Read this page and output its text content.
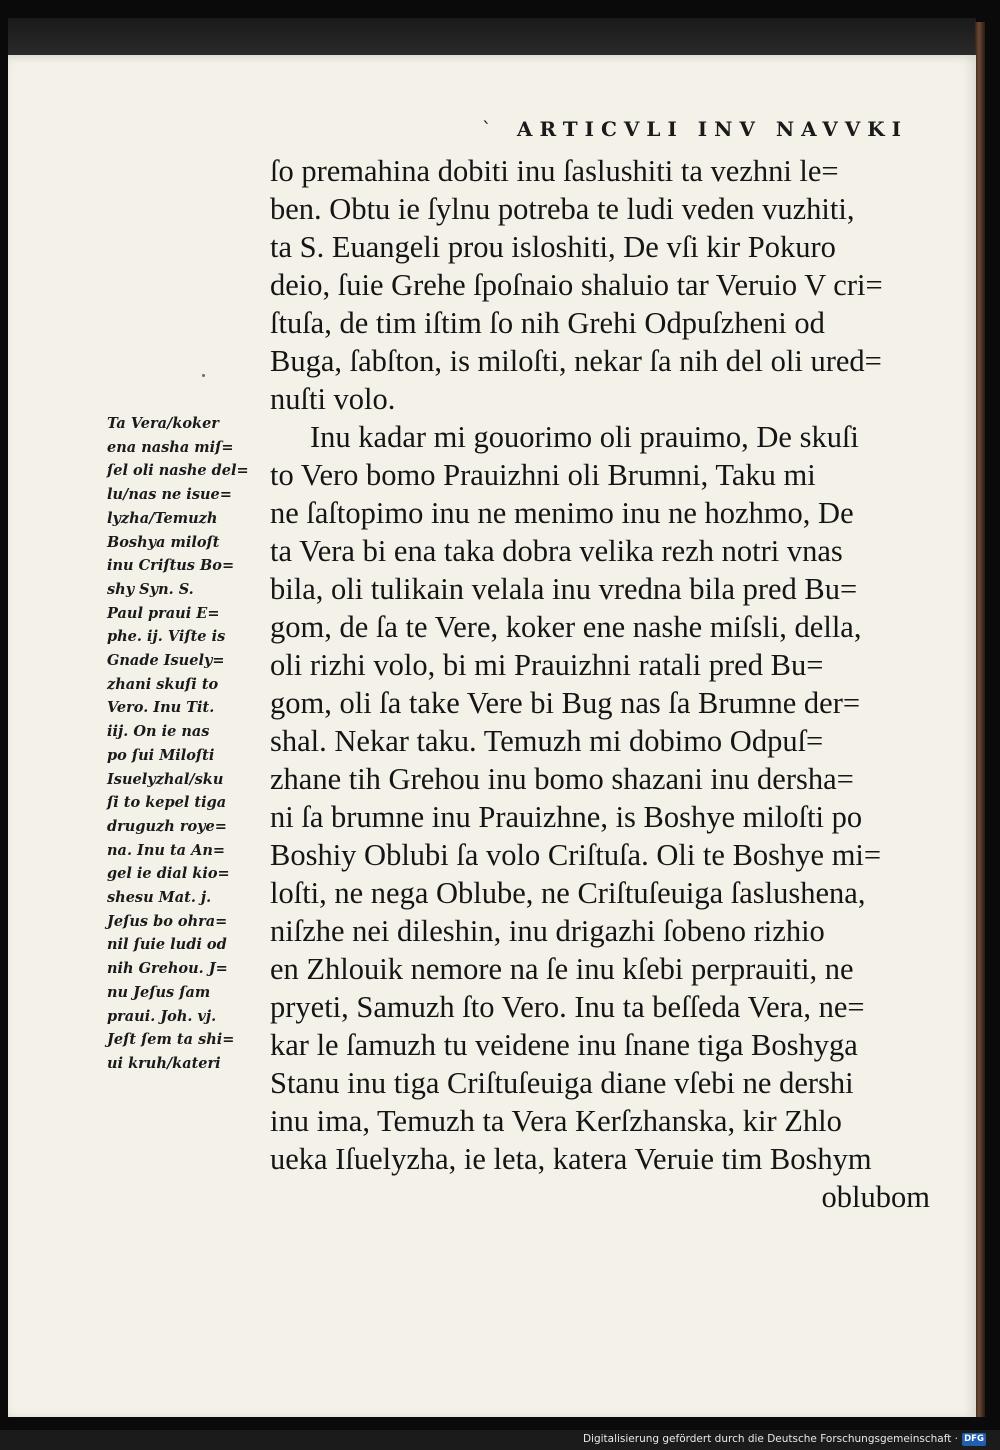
` ARTICVLI INV NAVVKI
ſo premahina dobiti inu ſaslushiti ta vezhni le=
ben. Obtu ie ſylnu potreba te ludi veden vuzhiti,
ta S. Euangeli prou isloshiti, De vſi kir Pokuro
deio, ſuie Grehe ſpoſnaio shaluio tar Veruio V cri=
ſtuſa, de tim iſtim ſo nih Grehi Odpuſzheni od
Buga, ſabſton, is miloſti, nekar ſa nih del oli ured=
nuſti volo.
Inu kadar mi gouorimo oli prauimo, De skuſi
to Vero bomo Prauizhni oli Brumni, Taku mi
ne ſaſtopimo inu ne menimo inu ne hozhmo, De
ta Vera bi ena taka dobra velika rezh notri vnas
bila, oli tulikain velala inu vredna bila pred Bu=
gom, de ſa te Vere, koker ene nashe miſsli, della,
oli rizhi volo, bi mi Prauizhni ratali pred Bu=
gom, oli ſa take Vere bi Bug nas ſa Brumne der=
shal. Nekar taku. Temuzh mi dobimo Odpuſ=
zhane tih Grehou inu bomo shazani inu dersha=
ni ſa brumne inu Prauizhne, is Boshye miloſti po
Boshiy Oblubi ſa volo Criſtuſa. Oli te Boshye mi=
loſti, ne nega Oblube, ne Criſtuſeuiga ſaslushena,
niſzhe nei dileshin, inu drigazhi ſobeno rizhio
en Zhlouik nemore na ſe inu kſebi perprauiti, ne
pryeti, Samuzh ſto Vero. Inu ta beſſeda Vera, ne=
kar le ſamuzh tu veidene inu ſnane tiga Boshyga
Stanu inu tiga Criſtuſeuiga diane vſebi ne dershi
inu ima, Temuzh ta Vera Kerſzhanska, kir Zhlo
ueka Iſuelyzha, ie leta, katera Veruie tim Boshym
oblubom
Ta Vera/koker
ena nasha miſ=
ſel oli nashe del=
lu/nas ne isue=
lyzha/Temuzh
Boshya miloſt
inu Criſtus Bo=
shy Syn. S.
Paul praui E=
phe. ij. Viſte is
Gnade Isuely=
zhani skuſi to
Vero. Inu Tit.
iij. On ie nas
po ſui Miloſti
Isuelyzhal/sku
ſi to kepel tiga
druguzh roye=
na. Inu ta An=
gel ie dial kio=
shesu Mat. j.
Jeſus bo ohra=
nil ſuie ludi od
nih Grehou. J=
nu Jeſus ſam
praui. Joh. vj.
Jeſt ſem ta shi=
ui kruh/kateri
Digitalisierung gefördert durch die Deutsche Forschungsgemeinschaft · DFG
